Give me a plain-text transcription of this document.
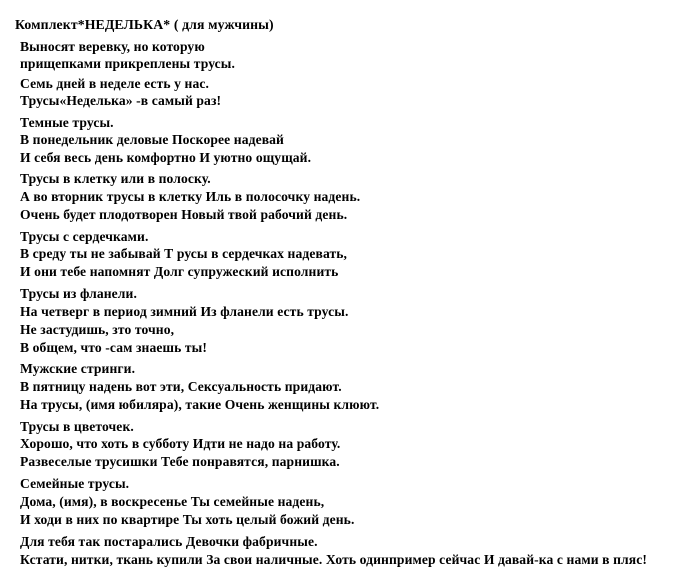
Комплект*НЕДЕЛЬКА* ( для мужчины)
Выносят веревку, но которую
прищепками прикреплены трусы.
Семь дней в неделе есть у нас.
Трусы«Неделька» -в самый раз!
Темные трусы.
В понедельник деловые Поскорее надевай
И себя весь день комфортно И уютно ощущай.
Трусы в клетку или в полоску.
А во вторник трусы в клетку Иль в полосочку надень.
Очень будет плодотворен Новый твой рабочий день.
Трусы с сердечками.
В среду ты не забывай Т русы в сердечках надевать,
И они тебе напомнят Долг супружеский исполнить
Трусы из фланели.
На четверг в период зимний Из фланели есть трусы.
Не застудишь, зто точно,
В общем, что -сам знаешь ты!
Мужские стринги.
В пятницу надень вот эти, Сексуальность придают.
На трусы, (имя юбиляра), такие Очень женщины клюют.
Трусы в цветочек.
Хорошо, что хоть в субботу Идти не надо на работу.
Развеселые трусишки Тебе понравятся, парнишка.
Семейные трусы.
Дома, (имя), в воскресенье Ты семейные надень,
И ходи в них по квартире Ты хоть целый божий день.
Для тебя так постарались Девочки фабричные.
Кстати, нитки, ткань купили За свои наличные. Хоть одинпример сейчас И давай-ка с нами в пляс!
